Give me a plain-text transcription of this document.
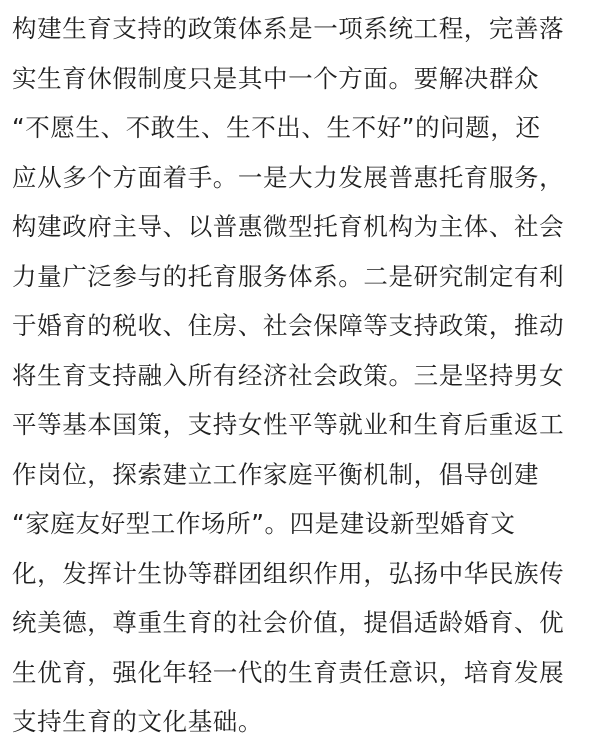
构建生育支持的政策体系是一项系统工程，完善落
实生育休假制度只是其中一个方面。要解决群众
“不愿生、不敢生、生不出、生不好”的问题，还
应从多个方面着手。一是大力发展普惠托育服务，
构建政府主导、以普惠微型托育机构为主体、社会
力量广泛参与的托育服务体系。二是研究制定有利
于婚育的税收、住房、社会保障等支持政策，推动
将生育支持融入所有经济社会政策。三是坚持男女
平等基本国策，支持女性平等就业和生育后重返工
作岗位，探索建立工作家庭平衡机制，倡导创建
“家庭友好型工作场所”。四是建设新型婚育文
化，发挥计生协等群团组织作用，弘扬中华民族传
统美德，尊重生育的社会价值，提倡适龄婚育、优
生优育，强化年轻一代的生育责任意识，培育发展
支持生育的文化基础。
